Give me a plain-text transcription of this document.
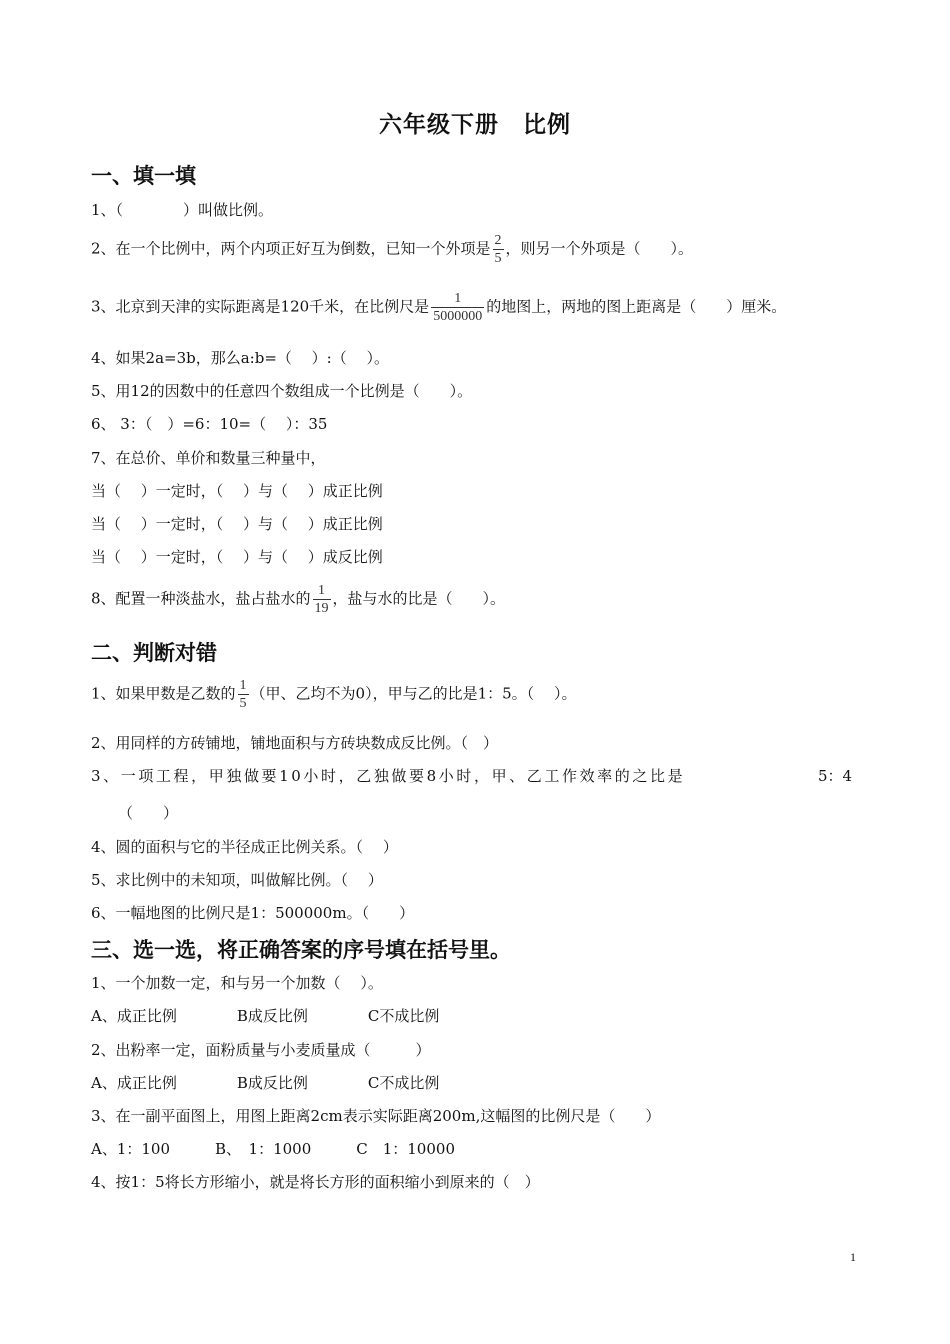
六年级下册　比例
一、填一填
1、（　　　　）叫做比例。
2、在一个比例中，两个内项正好互为倒数，已知一个外项是 $\frac{2}{5}$ ，则另一个外项是（　　）。
3、北京到天津的实际距离是120千米，在比例尺是 $\frac{1}{5000000}$ 的地图上，两地的图上距离是（　　）厘米。
4、如果2a=3b，那么a:b=（　 ）:（　 ）。
5、用12的因数中的任意四个数组成一个比例是（　　）。
6、 3：（　）=6：10=（　 ）：35
7、在总价、单价和数量三种量中，
当（　 ）一定时，（　 ）与（　 ）成正比例
当（　 ）一定时，（　 ）与（　 ）成正比例
当（　 ）一定时，（　 ）与（　 ）成反比例
8、配置一种淡盐水，盐占盐水的 $\frac{1}{19}$ ，盐与水的比是（　　）。
二、判断对错
1、如果甲数是乙数的 $\frac{1}{5}$ （甲、乙均不为0），甲与乙的比是1：5。（　 ）。
2、用同样的方砖铺地，铺地面积与方砖块数成反比例。（　）
3、一项工程，甲独做要10小时，乙独做要8小时，甲、乙工作效率的之比是	5：4
（　　）
4、圆的面积与它的半径成正比例关系。（　 ）
5、求比例中的未知项，叫做解比例。（　 ）
6、一幅地图的比例尺是1：500000m。（　　）
三、选一选，将正确答案的序号填在括号里。
1、一个加数一定，和与另一个加数（　 ）。
A、成正比例　　　　B成反比例　　　　C不成比例
2、出粉率一定，面粉质量与小麦质量成（　　　）
A、成正比例　　　　B成反比例　　　　C不成比例
3、在一副平面图上，用图上距离2cm表示实际距离200m,这幅图的比例尺是（　　）
A、1：100　　　B、　1：1000　　　C　1：10000
4、按1：5将长方形缩小，就是将长方形的面积缩小到原来的（　）
1
